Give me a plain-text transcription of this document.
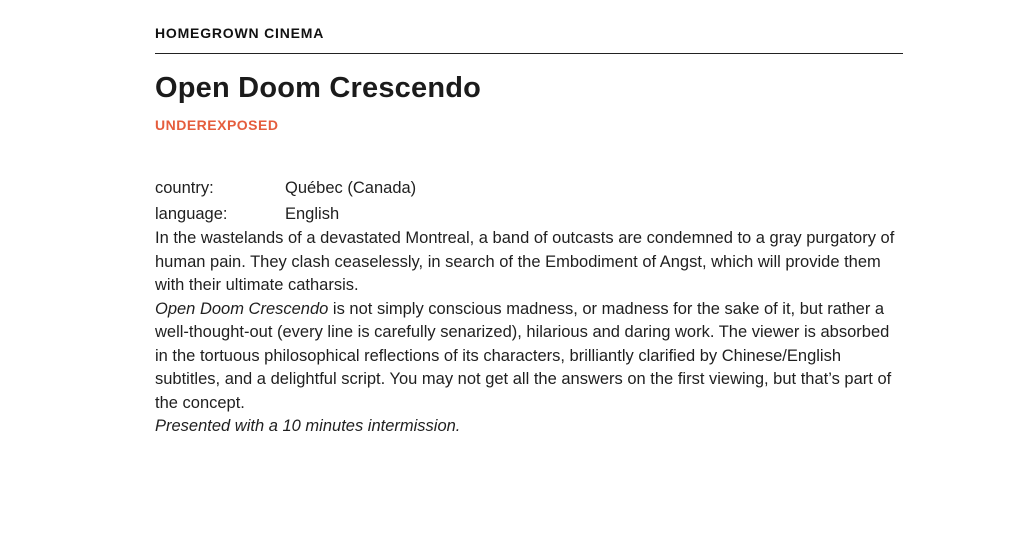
HOMEGROWN CINEMA
Open Doom Crescendo
UNDEREXPOSED
country:	Québec (Canada)
language:	English

In the wastelands of a devastated Montreal, a band of outcasts are condemned to a gray purgatory of human pain. They clash ceaselessly, in search of the Embodiment of Angst, which will provide them with their ultimate catharsis.

Open Doom Crescendo is not simply conscious madness, or madness for the sake of it, but rather a well-thought-out (every line is carefully senarized), hilarious and daring work. The viewer is absorbed in the tortuous philosophical reflections of its characters, brilliantly clarified by Chinese/English subtitles, and a delightful script. You may not get all the answers on the first viewing, but that’s part of the concept.

Presented with a 10 minutes intermission.
